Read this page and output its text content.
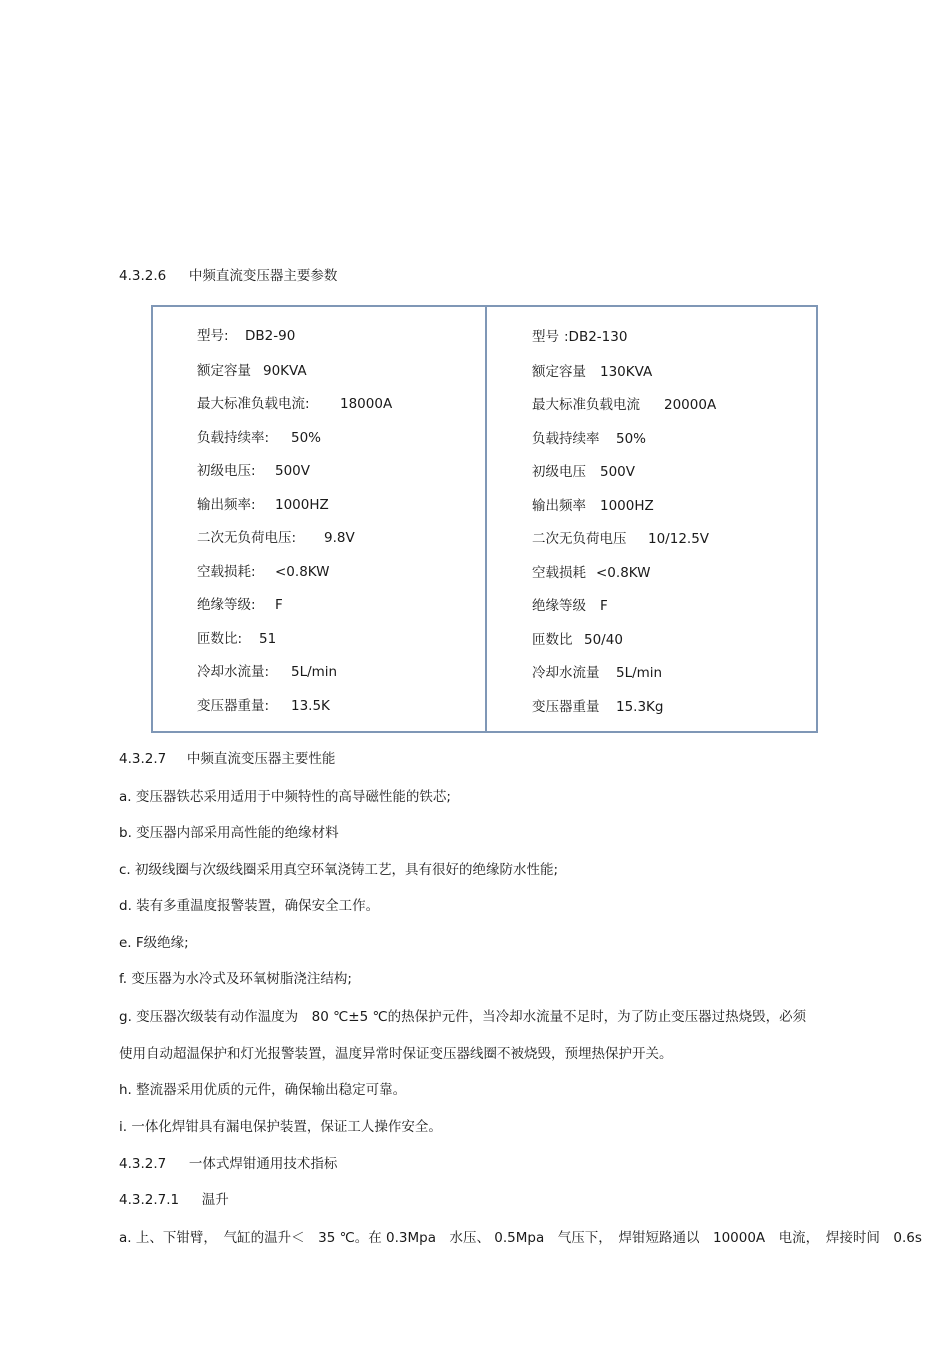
4.3.2.6 中频直流变压器主要参数
型号: DB2-90
额定容量 90KVA
最大标准负载电流: 18000A
负载持续率: 50%
初级电压: 500V
输出频率: 1000HZ
二次无负荷电压: 9.8V
空载损耗: <0.8KW
绝缘等级: F
匝数比: 51
冷却水流量: 5L/min
变压器重量: 13.5K
型号 :DB2-130
额定容量 130KVA
最大标准负载电流 20000A
负载持续率 50%
初级电压 500V
输出频率 1000HZ
二次无负荷电压 10/12.5V
空载损耗 <0.8KW
绝缘等级 F
匝数比 50/40
冷却水流量 5L/min
变压器重量 15.3Kg
4.3.2.7 中频直流变压器主要性能
a. 变压器铁芯采用适用于中频特性的高导磁性能的铁芯;
b. 变压器内部采用高性能的绝缘材料
c. 初级线圈与次级线圈采用真空环氧浇铸工艺，具有很好的绝缘防水性能;
d. 装有多重温度报警装置，确保安全工作。
e. F级绝缘;
f. 变压器为水冷式及环氧树脂浇注结构;
g. 变压器次级装有动作温度为　80 ℃±5 ℃的热保护元件，当冷却水流量不足时，为了防止变压器过热烧毁，必须
使用自动超温保护和灯光报警装置，温度异常时保证变压器线圈不被烧毁，预埋热保护开关。
h. 整流器采用优质的元件，确保输出稳定可靠。
i. 一体化焊钳具有漏电保护装置，保证工人操作安全。
4.3.2.7 一体式焊钳通用技术指标
4.3.2.7.1 温升
a. 上、下钳臂，　气缸的温升＜　35 ℃。在 0.3Mpa　水压、 0.5Mpa　气压下，　焊钳短路通以　10000A　电流，　焊接时间　0.6s
